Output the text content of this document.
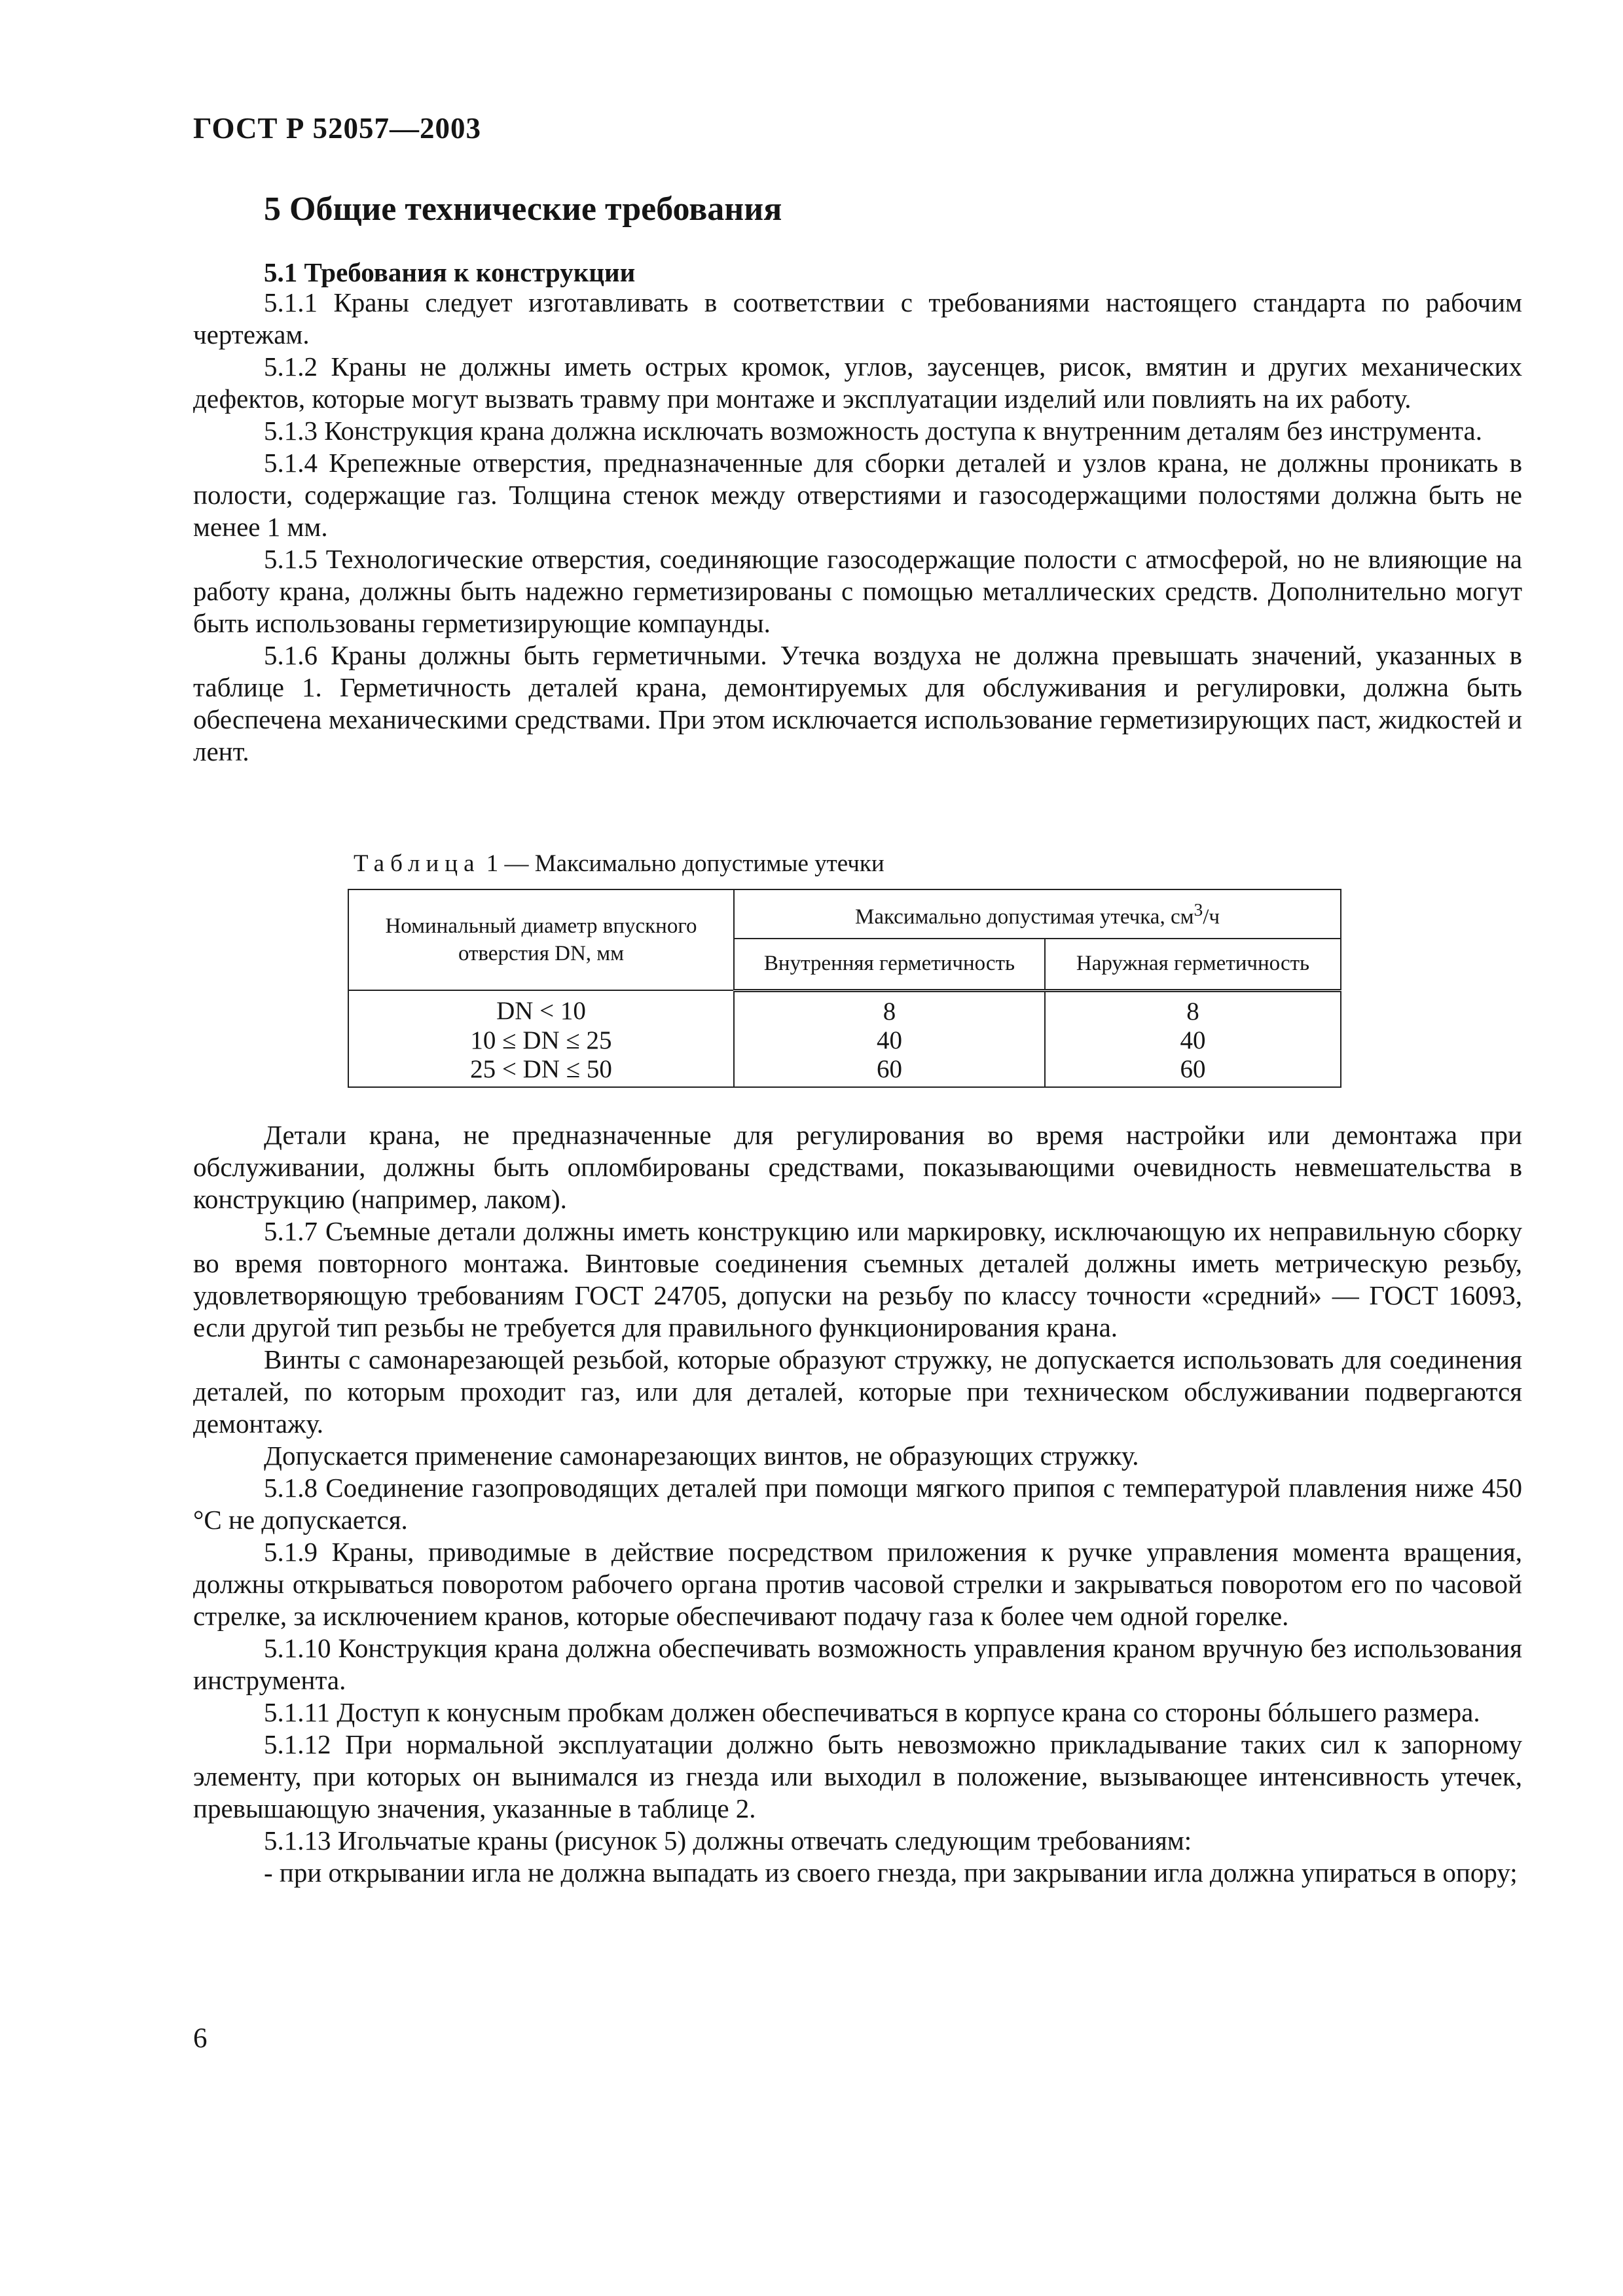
ГОСТ Р 52057—2003
5 Общие технические требования
5.1 Требования к конструкции

5.1.1 Краны следует изготавливать в соответствии с требованиями настоящего стандарта по рабочим чертежам.

5.1.2 Краны не должны иметь острых кромок, углов, заусенцев, рисок, вмятин и других механических дефектов, которые могут вызвать травму при монтаже и эксплуатации изделий или повлиять на их работу.

5.1.3 Конструкция крана должна исключать возможность доступа к внутренним деталям без инструмента.

5.1.4 Крепежные отверстия, предназначенные для сборки деталей и узлов крана, не должны проникать в полости, содержащие газ. Толщина стенок между отверстиями и газосодержащими полостями должна быть не менее 1 мм.

5.1.5 Технологические отверстия, соединяющие газосодержащие полости с атмосферой, но не влияющие на работу крана, должны быть надежно герметизированы с помощью металлических средств. Дополнительно могут быть использованы герметизирующие компаунды.

5.1.6 Краны должны быть герметичными. Утечка воздуха не должна превышать значений, указанных в таблице 1. Герметичность деталей крана, демонтируемых для обслуживания и регулировки, должна быть обеспечена механическими средствами. При этом исключается использование герметизирующих паст, жидкостей и лент.

Таблица 1 — Максимально допустимые утечки
Номинальный диаметр впускного отверстия DN, мм	Максимально допустимая утечка, $см^3/ч$	
	Внутренняя герметичность	Наружная герметичность
DN < 10	8	8
10 ≤ DN ≤ 25	40	40
25 < DN ≤ 50	60	60

Детали крана, не предназначенные для регулирования во время настройки или демонтажа при обслуживании, должны быть опломбированы средствами, показывающими очевидность невмешательства в конструкцию (например, лаком).

5.1.7 Съемные детали должны иметь конструкцию или маркировку, исключающую их неправильную сборку во время повторного монтажа. Винтовые соединения съемных деталей должны иметь метрическую резьбу, удовлетворяющую требованиям ГОСТ 24705, допуски на резьбу по классу точности «средний» — ГОСТ 16093, если другой тип резьбы не требуется для правильного функционирования крана.

Винты с самонарезающей резьбой, которые образуют стружку, не допускается использовать для соединения деталей, по которым проходит газ, или для деталей, которые при техническом обслуживании подвергаются демонтажу.

Допускается применение самонарезающих винтов, не образующих стружку.

5.1.8 Соединение газопроводящих деталей при помощи мягкого припоя с температурой плавления ниже 450 °С не допускается.

5.1.9 Краны, приводимые в действие посредством приложения к ручке управления момента вращения, должны открываться поворотом рабочего органа против часовой стрелки и закрываться поворотом его по часовой стрелке, за исключением кранов, которые обеспечивают подачу газа к более чем одной горелке.

5.1.10 Конструкция крана должна обеспечивать возможность управления краном вручную без использования инструмента.

5.1.11 Доступ к конусным пробкам должен обеспечиваться в корпусе крана со стороны бóльшего размера.

5.1.12 При нормальной эксплуатации должно быть невозможно прикладывание таких сил к запорному элементу, при которых он вынимался из гнезда или выходил в положение, вызывающее интенсивность утечек, превышающую значения, указанные в таблице 2.

5.1.13 Игольчатые краны (рисунок 5) должны отвечать следующим требованиям:

- при открывании игла не должна выпадать из своего гнезда, при закрывании игла должна упираться в опору;

6
